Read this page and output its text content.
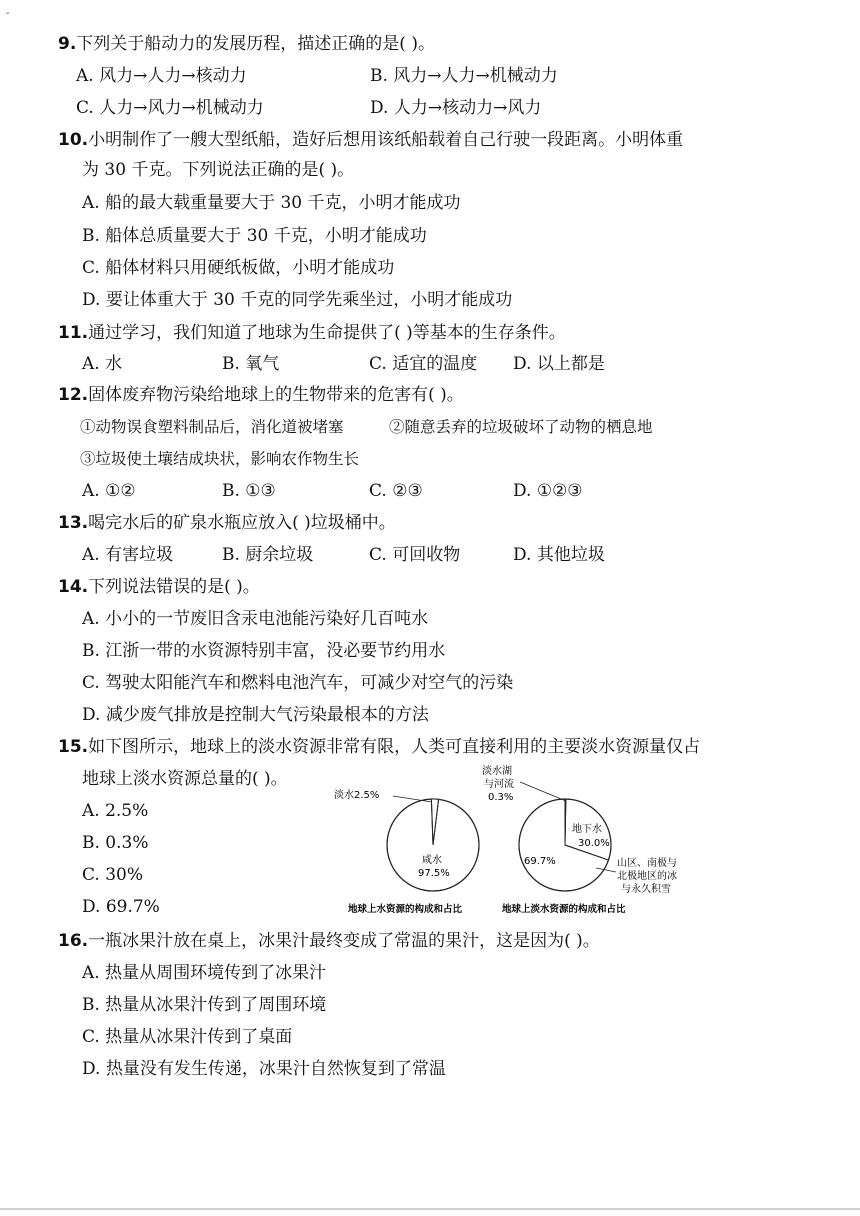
-
9.下列关于船动力的发展历程，描述正确的是( )。
A. 风力→人力→核动力	B. 风力→人力→机械动力
C. 人力→风力→机械动力	D. 人力→核动力→风力
10.小明制作了一艘大型纸船，造好后想用该纸船载着自己行驶一段距离。小明体重
为 30 千克。下列说法正确的是( )。
A. 船的最大载重量要大于 30 千克，小明才能成功
B. 船体总质量要大于 30 千克，小明才能成功
C. 船体材料只用硬纸板做，小明才能成功
D. 要让体重大于 30 千克的同学先乘坐过，小明才能成功
11.通过学习，我们知道了地球为生命提供了( )等基本的生存条件。
A. 水	B. 氧气	C. 适宜的温度 D. 以上都是
12.固体废弃物污染给地球上的生物带来的危害有( )。
①动物误食塑料制品后，消化道被堵塞	②随意丢弃的垃圾破坏了动物的栖息地
③垃圾使土壤结成块状，影响农作物生长
A. ①②	B. ①③	C. ②③	D. ①②③
13.喝完水后的矿泉水瓶应放入( )垃圾桶中。
A. 有害垃圾	B. 厨余垃圾	C. 可回收物	D. 其他垃圾
14.下列说法错误的是( )。
A. 小小的一节废旧含汞电池能污染好几百吨水
B. 江浙一带的水资源特别丰富，没必要节约用水
C. 驾驶太阳能汽车和燃料电池汽车，可减少对空气的污染
D. 减少废气排放是控制大气污染最根本的方法
15.如下图所示，地球上的淡水资源非常有限，人类可直接利用的主要淡水资源量仅占
地球上淡水资源总量的( )。
A. 2.5%
B. 0.3%
C. 30%
D. 69.7%
淡水2.5%
咸水
97.5%
地球上水资源的构成和占比
淡水湖
与河流
0.3%
地下水
30.0%
69.7%	山区、南极与
北极地区的冰
与永久积雪
地球上淡水资源的构成和占比
16.一瓶冰果汁放在桌上，冰果汁最终变成了常温的果汁，这是因为( )。
A. 热量从周围环境传到了冰果汁
B. 热量从冰果汁传到了周围环境
C. 热量从冰果汁传到了桌面
D. 热量没有发生传递，冰果汁自然恢复到了常温
